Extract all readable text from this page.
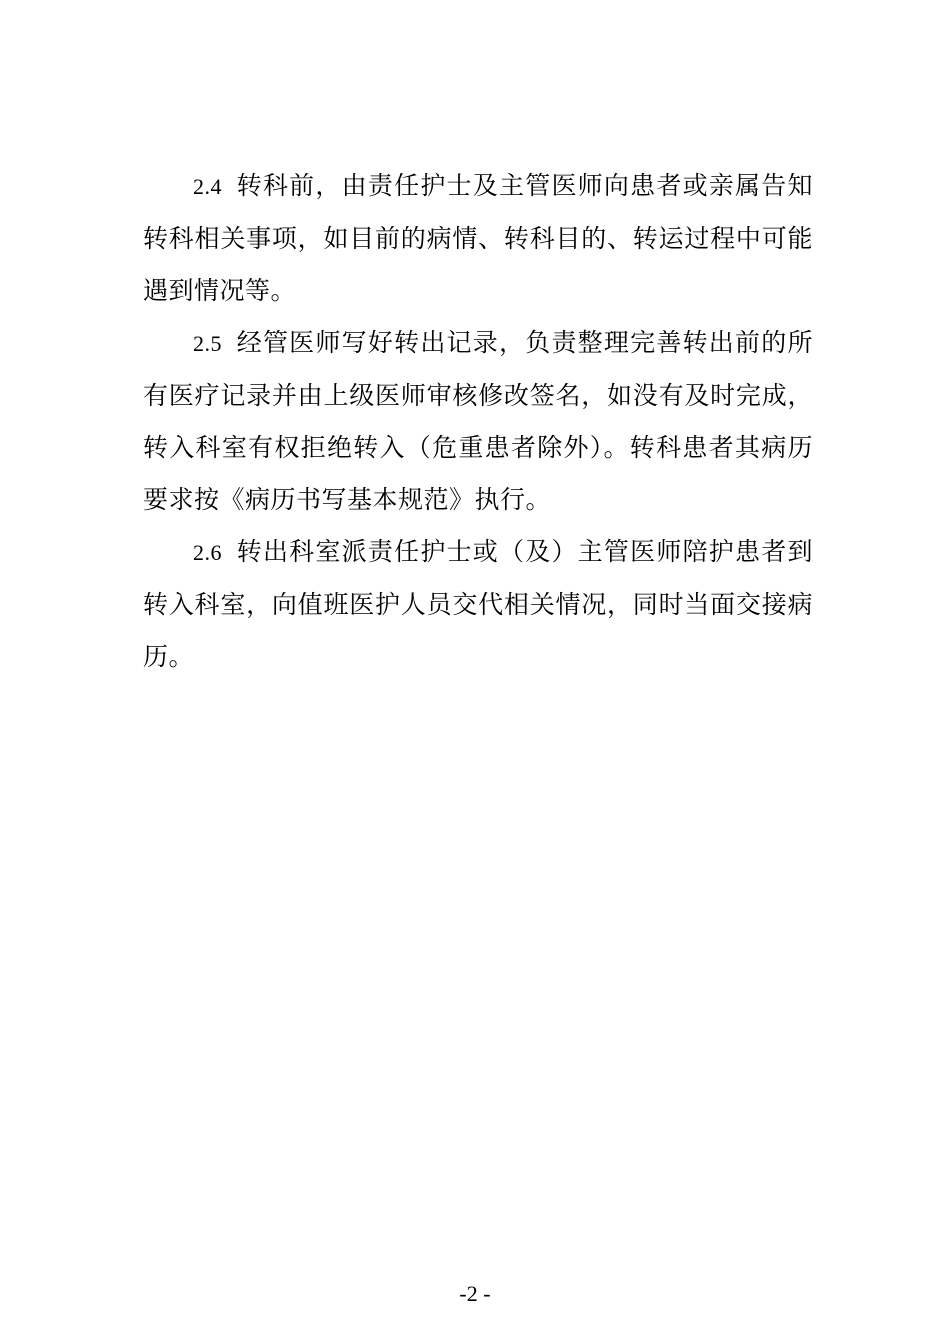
2.4 转科前，由责任护士及主管医师向患者或亲属告知转科相关事项，如目前的病情、转科目的、转运过程中可能遇到情况等。

2.5 经管医师写好转出记录，负责整理完善转出前的所有医疗记录并由上级医师审核修改签名，如没有及时完成，转入科室有权拒绝转入（危重患者除外）。转科患者其病历要求按《病历书写基本规范》执行。

2.6 转出科室派责任护士或（及）主管医师陪护患者到转入科室，向值班医护人员交代相关情况，同时当面交接病历。

-2 -
